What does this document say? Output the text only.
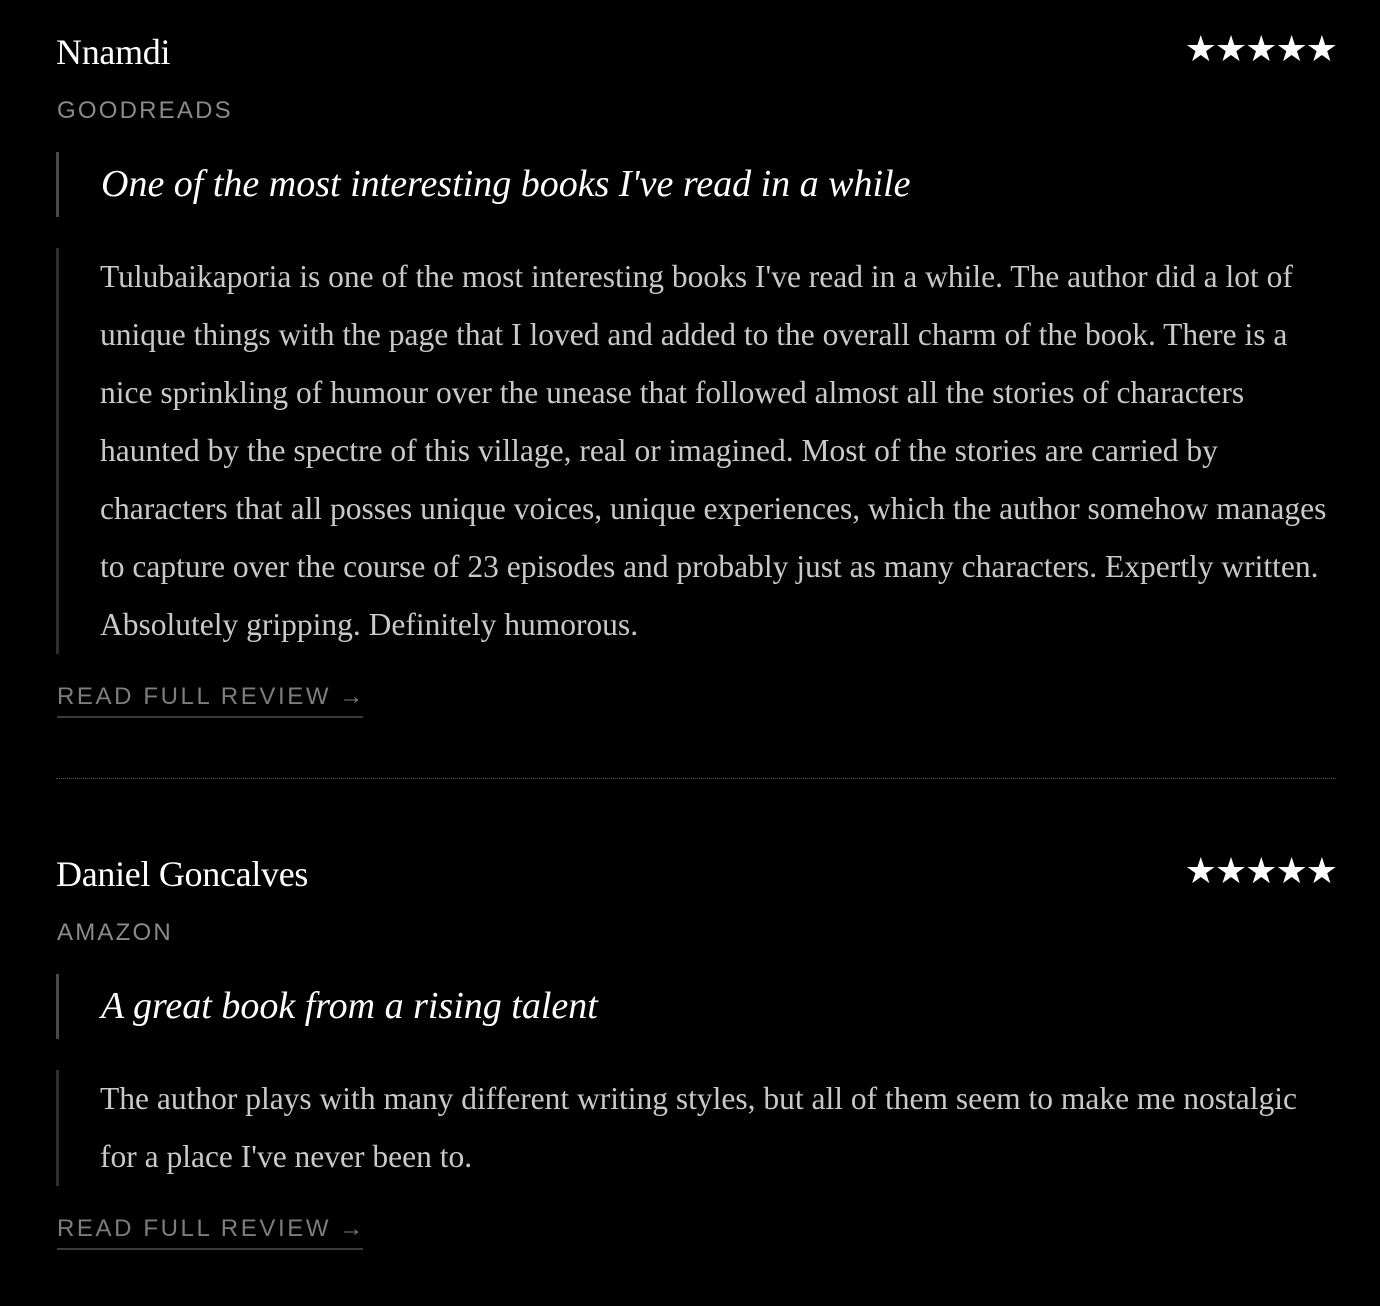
Nnamdi	★★★★★
GOODREADS
One of the most interesting books I've read in a while

Tulubaikaporia is one of the most interesting books I've read in a while. The author did a lot of unique things with the page that I loved and added to the overall charm of the book. There is a nice sprinkling of humour over the unease that followed almost all the stories of characters haunted by the spectre of this village, real or imagined. Most of the stories are carried by characters that all posses unique voices, unique experiences, which the author somehow manages to capture over the course of 23 episodes and probably just as many characters. Expertly written. Absolutely gripping. Definitely humorous.

READ FULL REVIEW →
Daniel Goncalves	★★★★★
AMAZON
A great book from a rising talent

The author plays with many different writing styles, but all of them seem to make me nostalgic for a place I've never been to.

READ FULL REVIEW →
